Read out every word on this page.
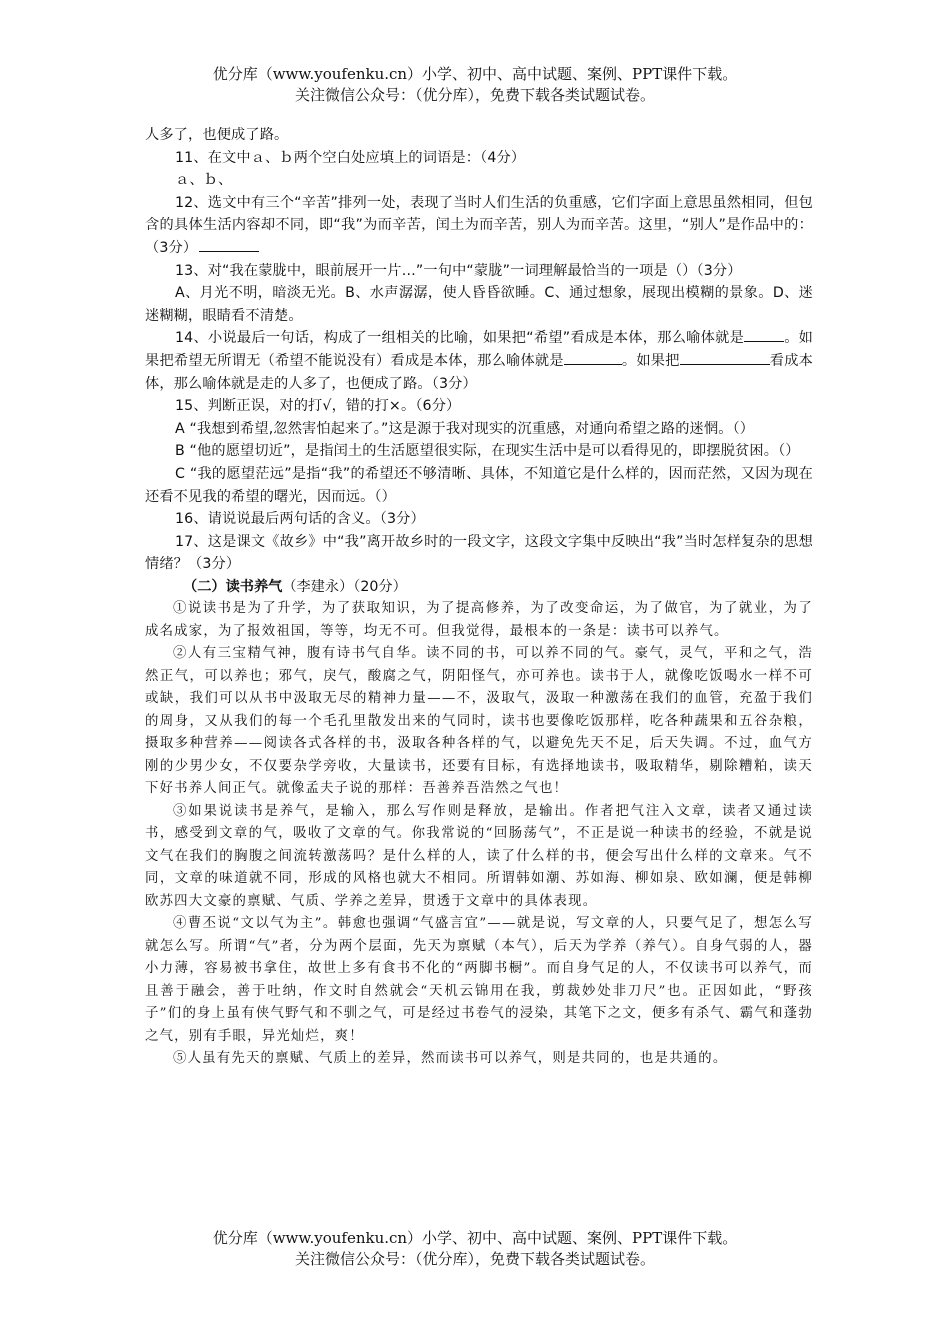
优分库（www.youfenku.cn）小学、初中、高中试题、案例、PPT课件下载。
关注微信公众号：（优分库），免费下载各类试题试卷。

人多了，也便成了路。

11、在文中ａ、ｂ两个空白处应填上的词语是：（4分）

ａ、ｂ、

12、选文中有三个“辛苦”排列一处，表现了当时人们生活的负重感，它们字面上意思虽然相同，但包含的具体生活内容却不同，即“我”为而辛苦，闰土为而辛苦，别人为而辛苦。这里，“别人”是作品中的：（3分）

13、对“我在蒙胧中，眼前展开一片…”一句中“蒙胧”一词理解最恰当的一项是（）（3分）

A、月光不明，暗淡无光。B、水声潺潺，使人昏昏欲睡。C、通过想象，展现出模糊的景象。D、迷迷糊糊，眼睛看不清楚。

14、小说最后一句话，构成了一组相关的比喻，如果把“希望”看成是本体，那么喻体就是	。如果把希望无所谓无（希望不能说没有）看成是本体，那么喻体就是	。如果把	看成本体，那么喻体就是走的人多了，也便成了路。（3分）

15、判断正误，对的打√，错的打×。（6分）

A “我想到希望,忽然害怕起来了。”这是源于我对现实的沉重感，对通向希望之路的迷惘。（）

B “他的愿望切近”，是指闰土的生活愿望很实际，在现实生活中是可以看得见的，即摆脱贫困。（）

C “我的愿望茫远”是指“我”的希望还不够清晰、具体，不知道它是什么样的，因而茫然，又因为现在还看不见我的希望的曙光，因而远。（）

16、请说说最后两句话的含义。（3分）

17、这是课文《故乡》中“我”离开故乡时的一段文字，这段文字集中反映出“我”当时怎样复杂的思想情绪？（3分）

（二）读书养气（李建永）（20分）

①说读书是为了升学，为了获取知识，为了提高修养，为了改变命运，为了做官，为了就业，为了成名成家，为了报效祖国，等等，均无不可。但我觉得，最根本的一条是：读书可以养气。

②人有三宝精气神，腹有诗书气自华。读不同的书，可以养不同的气。豪气，灵气，平和之气，浩然正气，可以养也；邪气，戾气，酸腐之气，阴阳怪气，亦可养也。读书于人，就像吃饭喝水一样不可或缺，我们可以从书中汲取无尽的精神力量——不，汲取气，汲取一种激荡在我们的血管，充盈于我们的周身，又从我们的每一个毛孔里散发出来的气同时，读书也要像吃饭那样，吃各种蔬果和五谷杂粮，摄取多种营养——阅读各式各样的书，汲取各种各样的气，以避免先天不足，后天失调。不过，血气方刚的少男少女，不仅要杂学旁收，大量读书，还要有目标，有选择地读书，吸取精华，剔除糟粕，读天下好书养人间正气。就像孟夫子说的那样：吾善养吾浩然之气也！

③如果说读书是养气，是输入，那么写作则是释放，是输出。作者把气注入文章，读者又通过读书，感受到文章的气，吸收了文章的气。你我常说的“回肠荡气”，不正是说一种读书的经验，不就是说文气在我们的胸腹之间流转激荡吗？是什么样的人，读了什么样的书，便会写出什么样的文章来。气不同，文章的味道就不同，形成的风格也就大不相同。所谓韩如潮、苏如海、柳如泉、欧如澜，便是韩柳欧苏四大文豪的禀赋、气质、学养之差异，贯透于文章中的具体表现。

④曹丕说“文以气为主”。韩愈也强调“气盛言宜”——就是说，写文章的人，只要气足了，想怎么写就怎么写。所谓“气”者，分为两个层面，先天为禀赋（本气），后天为学养（养气）。自身气弱的人，器小力薄，容易被书拿住，故世上多有食书不化的“两脚书橱”。而自身气足的人，不仅读书可以养气，而且善于融会，善于吐纳，作文时自然就会“天机云锦用在我，剪裁妙处非刀尺”也。正因如此，“野孩子”们的身上虽有侠气野气和不驯之气，可是经过书卷气的浸染，其笔下之文，便多有杀气、霸气和蓬勃之气，别有手眼，异光灿烂，爽！

⑤人虽有先天的禀赋、气质上的差异，然而读书可以养气，则是共同的，也是共通的。

优分库（www.youfenku.cn）小学、初中、高中试题、案例、PPT课件下载。
关注微信公众号：（优分库），免费下载各类试题试卷。
